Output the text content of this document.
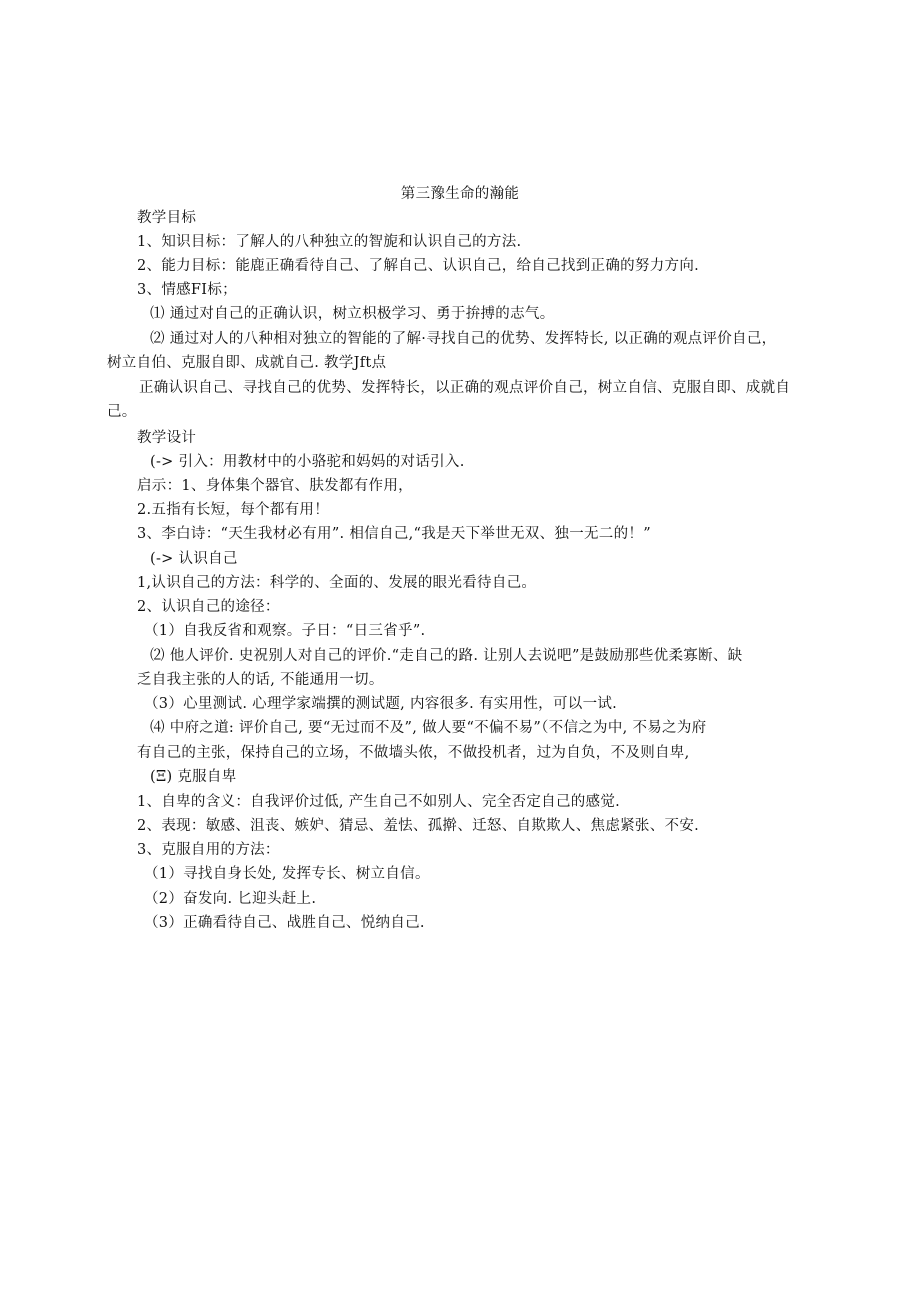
第三豫生命的瀚能
教学目标
1、知识目标：了解人的八种独立的智旎和认识自己的方法.
2、能力目标：能鹿正确看待自己、了解自己、认识自己，给自己找到正确的努力方向.
3、情感FI标；
⑴ 通过对自己的正确认识，树立枳极学习、勇于拚搏的志气。
⑵ 通过对人的八种相对独立的智能的了解·寻找自己的优势、发挥特长, 以正确的观点评价自己，
树立自伯、克服自即、成就自己. 教学Jft点
正确认识自己、寻找自己的优势、发挥特长，以正确的观点评价自己，树立自信、克服自即、成就自
己。
教学设计
(-> 引入：用教材中的小骆驼和妈妈的对话引入.
启示：1、身体集个器官、肤发都有作用，
2.五指有长短，每个都有用！
3、李白诗：“天生我材必有用”. 相信自己,“我是天下举世无双、独一无二的！”
(-> 认识自己
1,认识自己的方法：科学的、全面的、发展的眼光看待自己。
2、认识自己的途径：
（1）自我反省和观察。子日：“日三省乎”.
⑵ 他人评价. 史祝别人对自己的评价.“走自己的路. 让别人去说吧”是鼓励那些优柔寡断、缺
乏自我主张的人的话, 不能通用一切。
（3）心里测试. 心理学家端撰的测试题, 内容很多. 有实用性，可以一试.
⑷ 中府之道: 评价自己, 要“无过而不及”, 做人要“不偏不易”（不信之为中, 不易之为府
有自己的主张，保持自己的立场，不做墙头侬，不做投机者，过为自负，不及则自卑,
(Ξ) 克服自卑
1、自卑的含义：自我评价过低, 产生自己不如别人、完全否定自己的感觉.
2、表现：敏感、沮丧、嫉妒、猜忌、羞怯、孤擀、迁怒、自欺欺人、焦虑紧张、不安.
3、克服自用的方法：
（1）寻找自身长处, 发挥专长、树立自信。
（2）奋发向. 匕迎头赶上.
（3）正确看待自己、战胜自己、悦纳自己.
